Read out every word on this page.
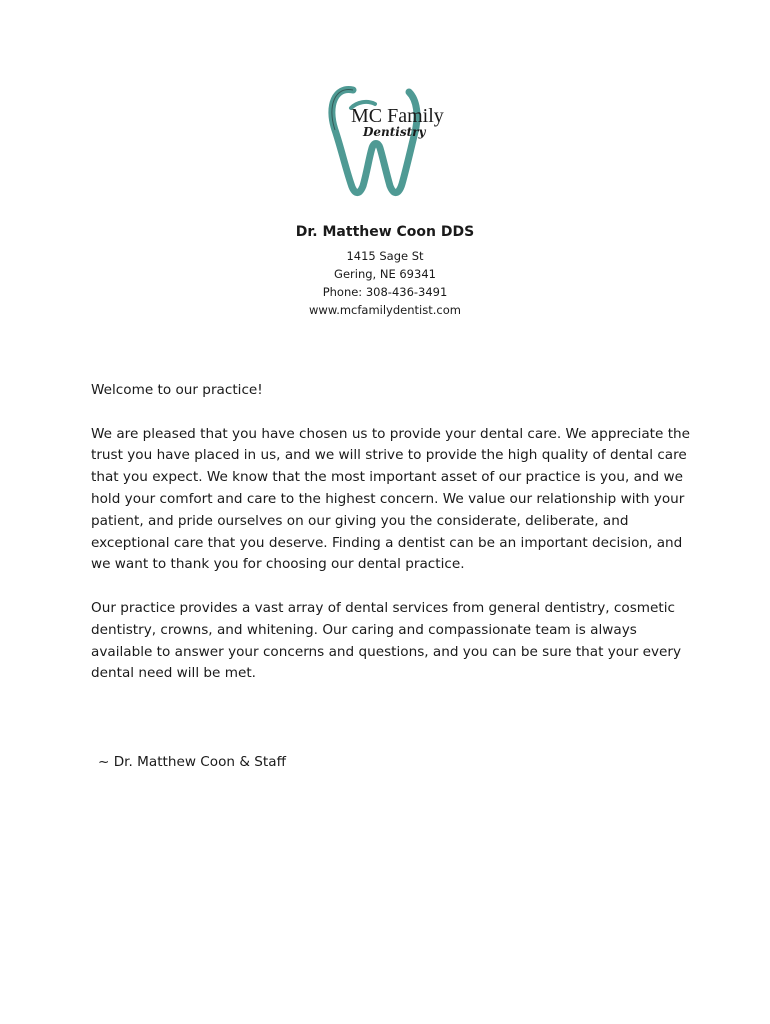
MC Family
Dentistry

Dr. Matthew Coon DDS

1415 Sage St

Gering, NE 69341

Phone: 308-436-3491

www.mcfamilydentist.com

Welcome to our practice!

We are pleased that you have chosen us to provide your dental care. We appreciate the trust you have placed in us, and we will strive to provide the high quality of dental care that you expect. We know that the most important asset of our practice is you, and we hold your comfort and care to the highest concern. We value our relationship with your patient, and pride ourselves on our giving you the considerate, deliberate, and exceptional care that you deserve. Finding a dentist can be an important decision, and we want to thank you for choosing our dental practice.

Our practice provides a vast array of dental services from general dentistry, cosmetic dentistry, crowns, and whitening. Our caring and compassionate team is always available to answer your concerns and questions, and you can be sure that your every dental need will be met.

~ Dr. Matthew Coon & Staff
